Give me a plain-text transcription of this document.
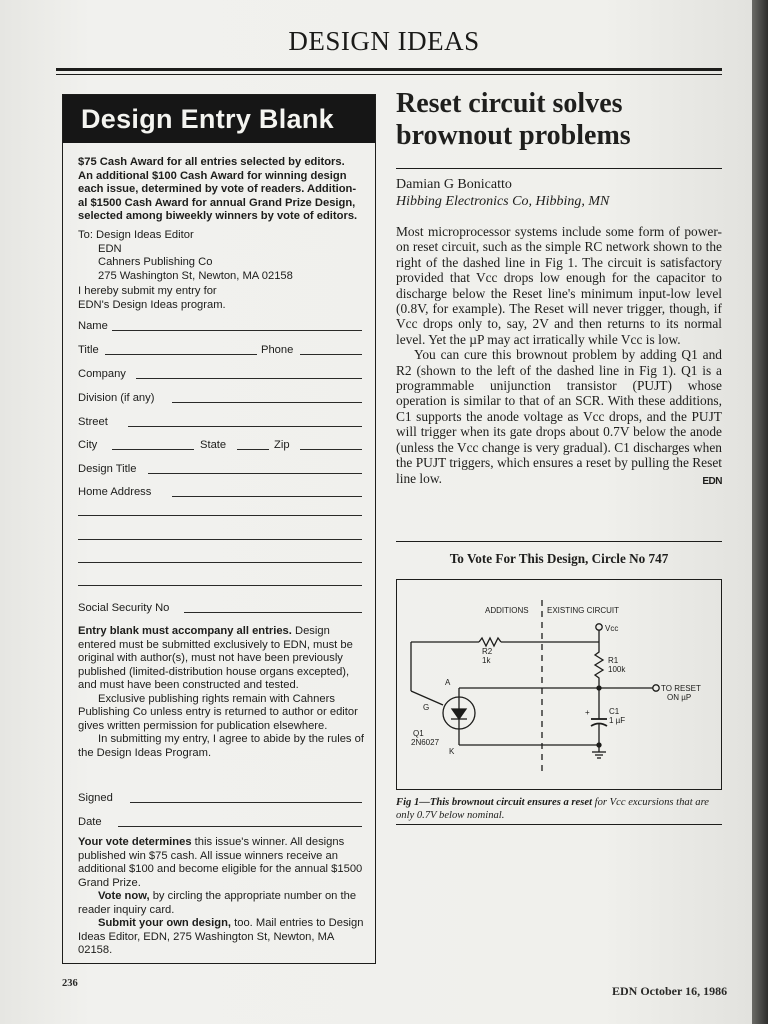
DESIGN IDEAS
Design Entry Blank
$75 Cash Award for all entries selected by editors.
An additional $100 Cash Award for winning design
each issue, determined by vote of readers. Addition-
al $1500 Cash Award for annual Grand Prize Design,
selected among biweekly winners by vote of editors.
To: Design Ideas Editor
EDN
Cahners Publishing Co
275 Washington St, Newton, MA 02158
I hereby submit my entry for
EDN's Design Ideas program.
Name
Title	Phone
Company
Division (if any)
Street
City	State	Zip
Design Title
Home Address
Social Security No

Entry blank must accompany all entries. Design entered must be submitted exclusively to EDN, must be original with author(s), must not have been previously published (limited-distribution house organs excepted), and must have been constructed and tested.

Exclusive publishing rights remain with Cahners Publishing Co unless entry is returned to author or editor gives written permission for publication elsewhere.

In submitting my entry, I agree to abide by the rules of the Design Ideas Program.

Signed
Date

Your vote determines this issue's winner. All designs published win $75 cash. All issue winners receive an additional $100 and become eligible for the annual $1500 Grand Prize.

Vote now, by circling the appropriate number on the reader inquiry card.

Submit your own design, too. Mail entries to Design Ideas Editor, EDN, 275 Washington St, Newton, MA 02158.

Reset circuit solves brownout problems
Damian G Bonicatto
Hibbing Electronics Co, Hibbing, MN

Most microprocessor systems include some form of power-on reset circuit, such as the simple RC network shown to the right of the dashed line in Fig 1. The circuit is satisfactory provided that Vcc drops low enough for the capacitor to discharge below the Reset line's minimum input-low level (0.8V, for example). The Reset will never trigger, though, if Vcc drops only to, say, 2V and then returns to its normal level. Yet the µP may act irratically while Vcc is low.

You can cure this brownout problem by adding Q1 and R2 (shown to the left of the dashed line in Fig 1). Q1 is a programmable unijunction transistor (PUJT) whose operation is similar to that of an SCR. With these additions, C1 supports the anode voltage as Vcc drops, and the PUJT will trigger when its gate drops about 0.7V below the anode (unless the Vcc change is very gradual). C1 discharges when the PUJT triggers, which ensures a reset by pulling the Reset line low.	EDN

To Vote For This Design, Circle No 747
ADDITIONS EXISTING CIRCUIT
Vcc
R2
1k	R1
100k
TO RESET
ON µP
A
G
K
Q1
2N6027
+ C1
1 µF
Fig 1—This brownout circuit ensures a reset for Vcc excursions that are only 0.7V below nominal.
236
EDN October 16, 1986
